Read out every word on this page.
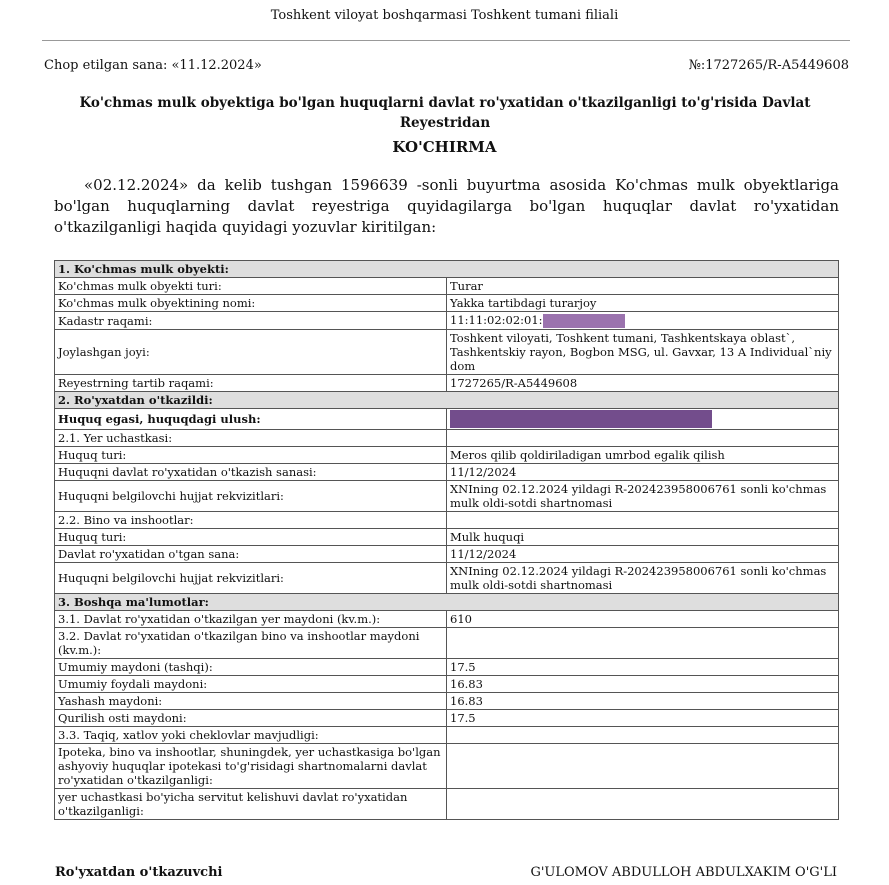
Toshkent viloyat boshqarmasi Toshkent tumani filiali
Chop etilgan sana: «11.12.2024»	№:1727265/R-A5449608
Ko'chmas mulk obyektiga bo'lgan huquqlarni davlat ro'yxatidan o'tkazilganligi to'g'risida Davlat Reyestridan
KO'CHIRMA
«02.12.2024» da kelib tushgan 1596639 -sonli buyurtma asosida Ko'chmas mulk obyektlariga bo'lgan huquqlarning davlat reyestriga quyidagilarga bo'lgan huquqlar davlat ro'yxatidan o'tkazilganligi haqida quyidagi yozuvlar kiritilgan:
1. Ko'chmas mulk obyekti:	
Ko'chmas mulk obyekti turi:	Turar
Ko'chmas mulk obyektining nomi:	Yakka tartibdagi turarjoy
Kadastr raqami:	11:11:02:02:01:
Joylashgan joyi:	Toshkent viloyati, Toshkent tumani, Tashkentskaya oblast`, Tashkentskiy rayon, Bogbon MSG, ul. Gavxar, 13 A Individual`niy dom
Reyestrning tartib raqami:	1727265/R-A5449608
2. Ro'yxatdan o'tkazildi:	
Huquq egasi, huquqdagi ulush:	
2.1. Yer uchastkasi:	
Huquq turi:	Meros qilib qoldiriladigan umrbod egalik qilish
Huquqni davlat ro'yxatidan o'tkazish sanasi:	11/12/2024
Huquqni belgilovchi hujjat rekvizitlari:	XNIning 02.12.2024 yildagi R-202423958006761 sonli ko'chmas mulk oldi-sotdi shartnomasi
2.2. Bino va inshootlar:	
Huquq turi:	Mulk huquqi
Davlat ro'yxatidan o'tgan sana:	11/12/2024
Huquqni belgilovchi hujjat rekvizitlari:	XNIning 02.12.2024 yildagi R-202423958006761 sonli ko'chmas mulk oldi-sotdi shartnomasi
3. Boshqa ma'lumotlar:	
3.1. Davlat ro'yxatidan o'tkazilgan yer maydoni (kv.m.):	610
3.2. Davlat ro'yxatidan o'tkazilgan bino va inshootlar maydoni (kv.m.):	
Umumiy maydoni (tashqi):	17.5
Umumiy foydali maydoni:	16.83
Yashash maydoni:	16.83
Qurilish osti maydoni:	17.5
3.3. Taqiq, xatlov yoki cheklovlar mavjudligi:	
Ipoteka, bino va inshootlar, shuningdek, yer uchastkasiga bo'lgan ashyoviy huquqlar ipotekasi to'g'risidagi shartnomalarni davlat ro'yxatidan o'tkazilganligi:	
yer uchastkasi bo'yicha servitut kelishuvi davlat ro'yxatidan o'tkazilganligi:	
Ro'yxatdan o'tkazuvchi	G'ULOMOV ABDULLOH ABDULXAKIM O'G'LI
